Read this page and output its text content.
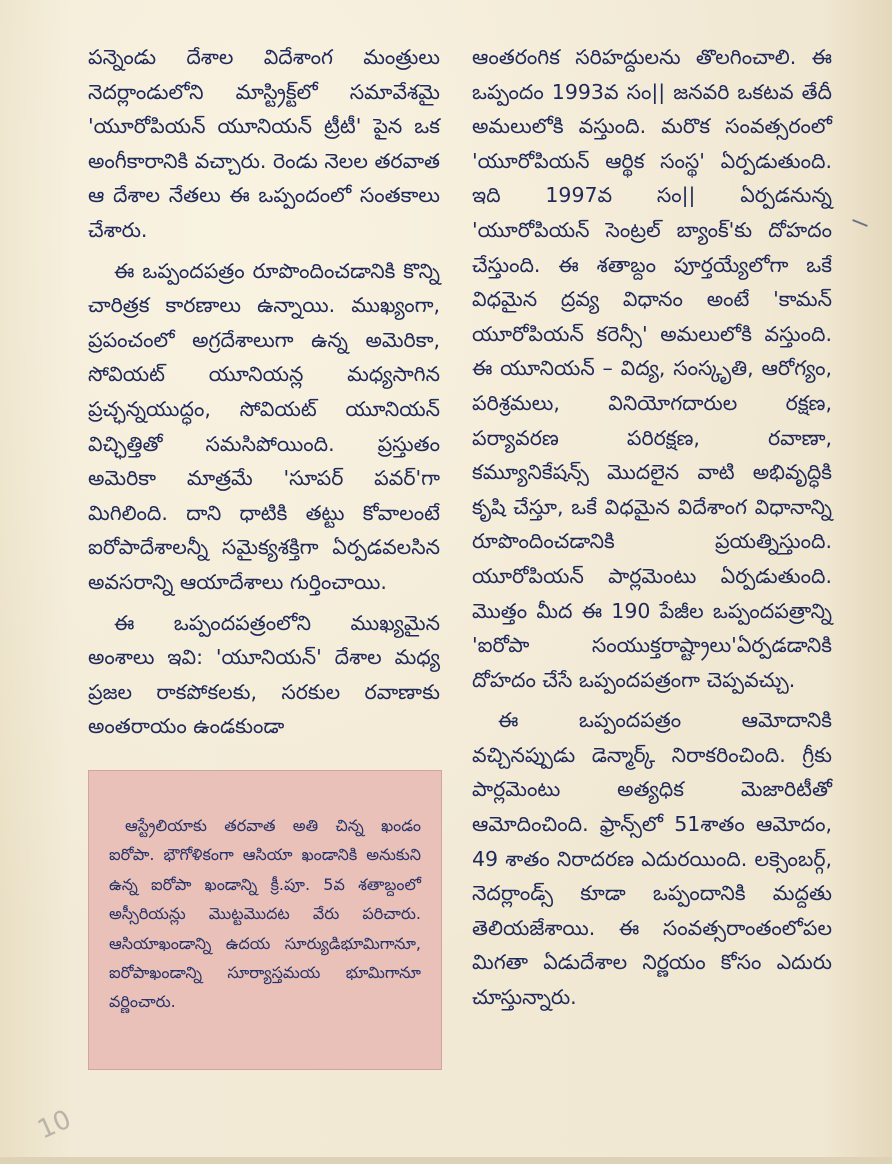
పన్నెండు దేశాల విదేశాంగ మంత్రులు నెదర్లాండులోని మాస్ట్రిక్ట్‌లో సమావేశమై 'యూరోపియన్ యూనియన్ ట్రీటీ' పైన ఒక అంగీకారానికి వచ్చారు. రెండు నెలల తరవాత ఆ దేశాల నేతలు ఈ ఒప్పందంలో సంతకాలు చేశారు.

ఈ ఒప్పందపత్రం రూపొందించడానికి కొన్ని చారిత్రక కారణాలు ఉన్నాయి. ముఖ్యంగా, ప్రపంచంలో అగ్రదేశాలుగా ఉన్న అమెరికా, సోవియట్ యూనియన్ల మధ్యసాగిన ప్రచ్ఛన్నయుద్ధం, సోవియట్ యూనియన్ విచ్ఛిత్తితో సమసిపోయింది. ప్రస్తుతం అమెరికా మాత్రమే 'సూపర్ పవర్'గా మిగిలింది. దాని ధాటికి తట్టు కోవాలంటే ఐరోపాదేశాలన్నీ సమైక్యశక్తిగా ఏర్పడవలసిన అవసరాన్ని ఆయాదేశాలు గుర్తించాయి.

ఈ ఒప్పందపత్రంలోని ముఖ్యమైన అంశాలు ఇవి: 'యూనియన్' దేశాల మధ్య ప్రజల రాకపోకలకు, సరకుల రవాణాకు అంతరాయం ఉండకుండా

ఆస్ట్రేలియాకు తరవాత అతి చిన్న ఖండం ఐరోపా. భౌగోళికంగా ఆసియా ఖండానికి అనుకుని ఉన్న ఐరోపా ఖండాన్ని క్రీ.పూ. 5వ శతాబ్దంలో అస్సీరియన్లు మొట్టమొదట వేరు పరిచారు. ఆసియాఖండాన్ని ఉదయ సూర్యుడిభూమిగానూ, ఐరోపాఖండాన్ని సూర్యాస్తమయ భూమిగానూ వర్ణించారు.

ఆంతరంగిక సరిహద్దులను తొలగించాలి. ఈ ఒప్పందం 1993వ సం|| జనవరి ఒకటవ తేదీ అమలులోకి వస్తుంది. మరొక సంవత్సరంలో 'యూరోపియన్ ఆర్థిక సంస్థ' ఏర్పడుతుంది. ఇది 1997వ సం|| ఏర్పడనున్న 'యూరోపియన్ సెంట్రల్ బ్యాంక్'కు దోహదం చేస్తుంది. ఈ శతాబ్దం పూర్తయ్యేలోగా ఒకే విధమైన ద్రవ్య విధానం అంటే 'కామన్ యూరోపియన్ కరెన్సీ' అమలులోకి వస్తుంది. ఈ యూనియన్ – విద్య, సంస్కృతి, ఆరోగ్యం, పరిశ్రమలు, వినియోగదారుల రక్షణ, పర్యావరణ పరిరక్షణ, రవాణా, కమ్యూనికేషన్స్ మొదలైన వాటి అభివృద్ధికి కృషి చేస్తూ, ఒకే విధమైన విదేశాంగ విధానాన్ని రూపొందించడానికి ప్రయత్నిస్తుంది. యూరోపియన్ పార్లమెంటు ఏర్పడుతుంది. మొత్తం మీద ఈ 190 పేజీల ఒప్పందపత్రాన్ని 'ఐరోపా సంయుక్తరాష్ట్రాలు'ఏర్పడడానికి దోహదం చేసే ఒప్పందపత్రంగా చెప్పవచ్చు.

ఈ ఒప్పందపత్రం ఆమోదానికి వచ్చినప్పుడు డెన్మార్క్ నిరాకరించింది. గ్రీకు పార్లమెంటు అత్యధిక మెజారిటీతో ఆమోదించింది. ఫ్రాన్స్‌లో 51శాతం ఆమోదం, 49 శాతం నిరాదరణ ఎదురయింది. లక్సెంబర్గ్, నెదర్లాండ్స్ కూడా ఒప్పందానికి మద్దతు తెలియజేశాయి. ఈ సంవత్సరాంతంలోపల మిగతా ఏడుదేశాల నిర్ణయం కోసం ఎదురు చూస్తున్నారు.

10
